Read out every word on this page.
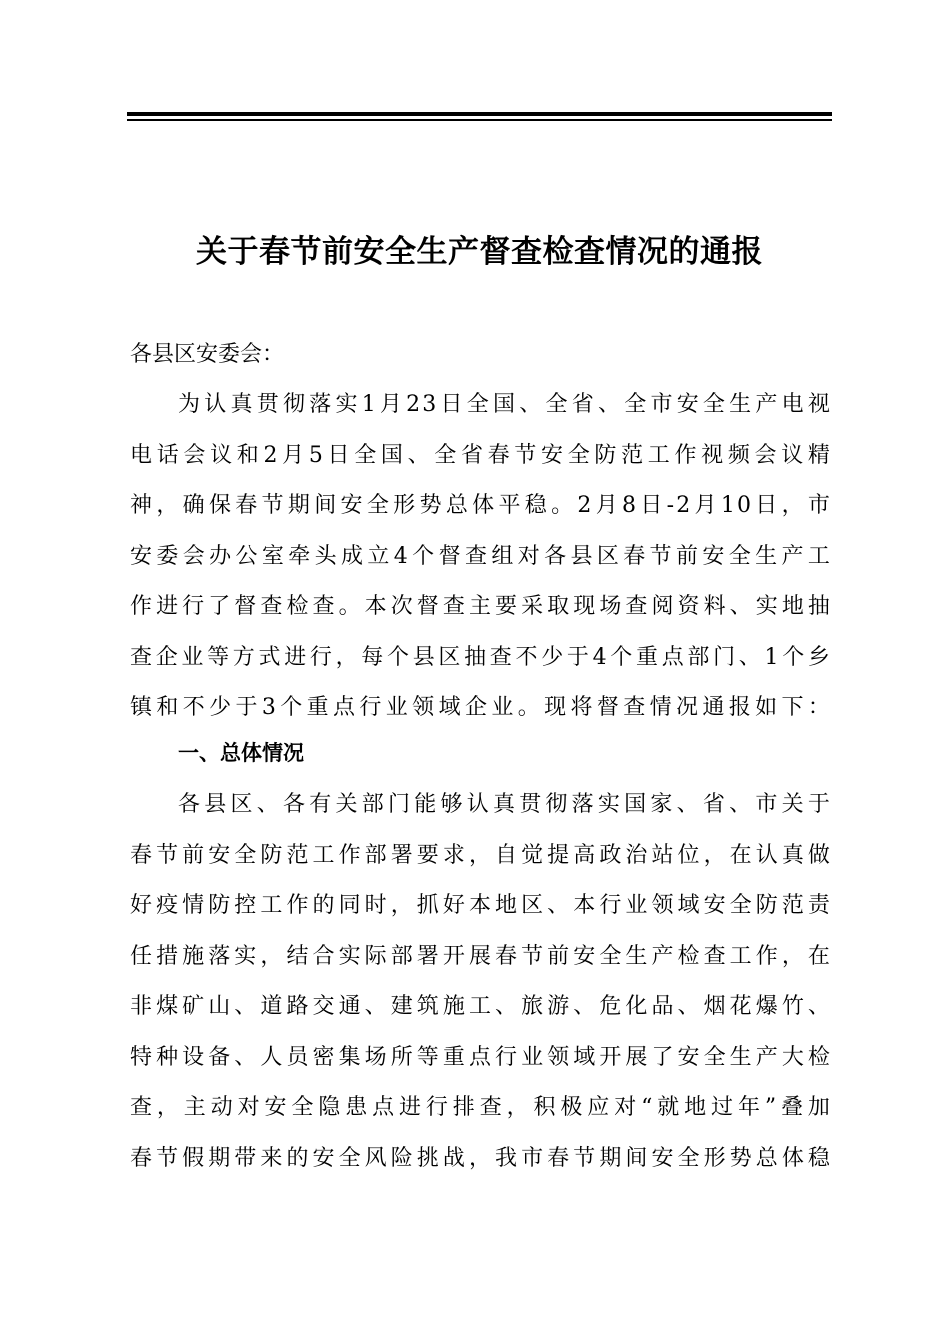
关于春节前安全生产督查检查情况的通报
各县区安委会：
为认真贯彻落实1月23日全国、全省、全市安全生产电视
电话会议和2月5日全国、全省春节安全防范工作视频会议精
神，确保春节期间安全形势总体平稳。2月8日-2月10日，市
安委会办公室牵头成立4个督查组对各县区春节前安全生产工
作进行了督查检查。本次督查主要采取现场查阅资料、实地抽
查企业等方式进行，每个县区抽查不少于4个重点部门、1个乡
镇和不少于3个重点行业领域企业。现将督查情况通报如下：
一、总体情况
各县区、各有关部门能够认真贯彻落实国家、省、市关于
春节前安全防范工作部署要求，自觉提高政治站位，在认真做
好疫情防控工作的同时，抓好本地区、本行业领域安全防范责
任措施落实，结合实际部署开展春节前安全生产检查工作，在
非煤矿山、道路交通、建筑施工、旅游、危化品、烟花爆竹、
特种设备、人员密集场所等重点行业领域开展了安全生产大检
查，主动对安全隐患点进行排查，积极应对“就地过年”叠加
春节假期带来的安全风险挑战，我市春节期间安全形势总体稳
